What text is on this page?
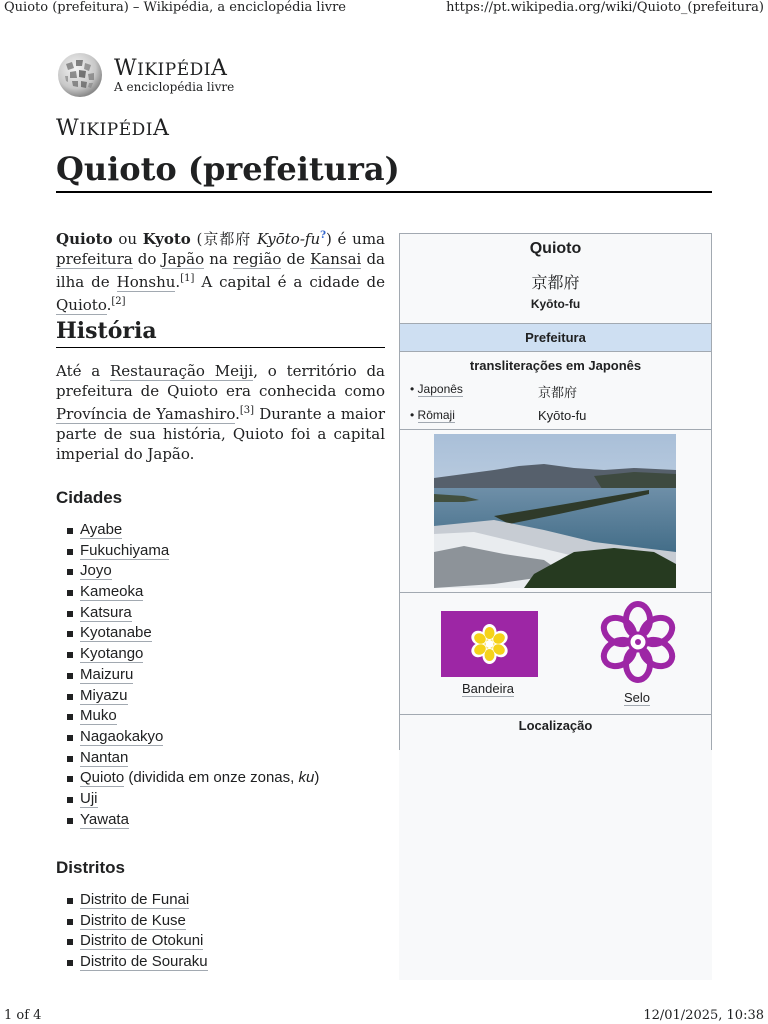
Quioto (prefeitura) – Wikipédia, a enciclopédia livre	https://pt.wikipedia.org/wiki/Quioto_(prefeitura)
WIKIPÉDIA
A enciclopédia livre
WIKIPÉDIA
Quioto (prefeitura)

Quioto ou Kyoto (京都府 Kyōto-fu?) é uma prefeitura do Japão na região de Kansai da ilha de Honshu.[1] A capital é a cidade de Quioto.[2]

História

Até a Restauração Meiji, o território da prefeitura de Quioto era conhecida como Província de Yamashiro.[3] Durante a maior parte de sua história, Quioto foi a capital imperial do Japão.

Cidades
Ayabe
Fukuchiyama
Joyo
Kameoka
Katsura
Kyotanabe
Kyotango
Maizuru
Miyazu
Muko
Nagaokakyo
Nantan
Quioto (dividida em onze zonas, ku)
Uji
Yawata
Distritos
Distrito de Funai
Distrito de Kuse
Distrito de Otokuni
Distrito de Souraku
Quioto
京都府
Kyōto-fu
Prefeitura
transliterações em Japonês
• Japonês	京都府
• Rōmaji	Kyōto-fu
Bandeira
Selo
Localização
1 of 4	12/01/2025, 10:38
